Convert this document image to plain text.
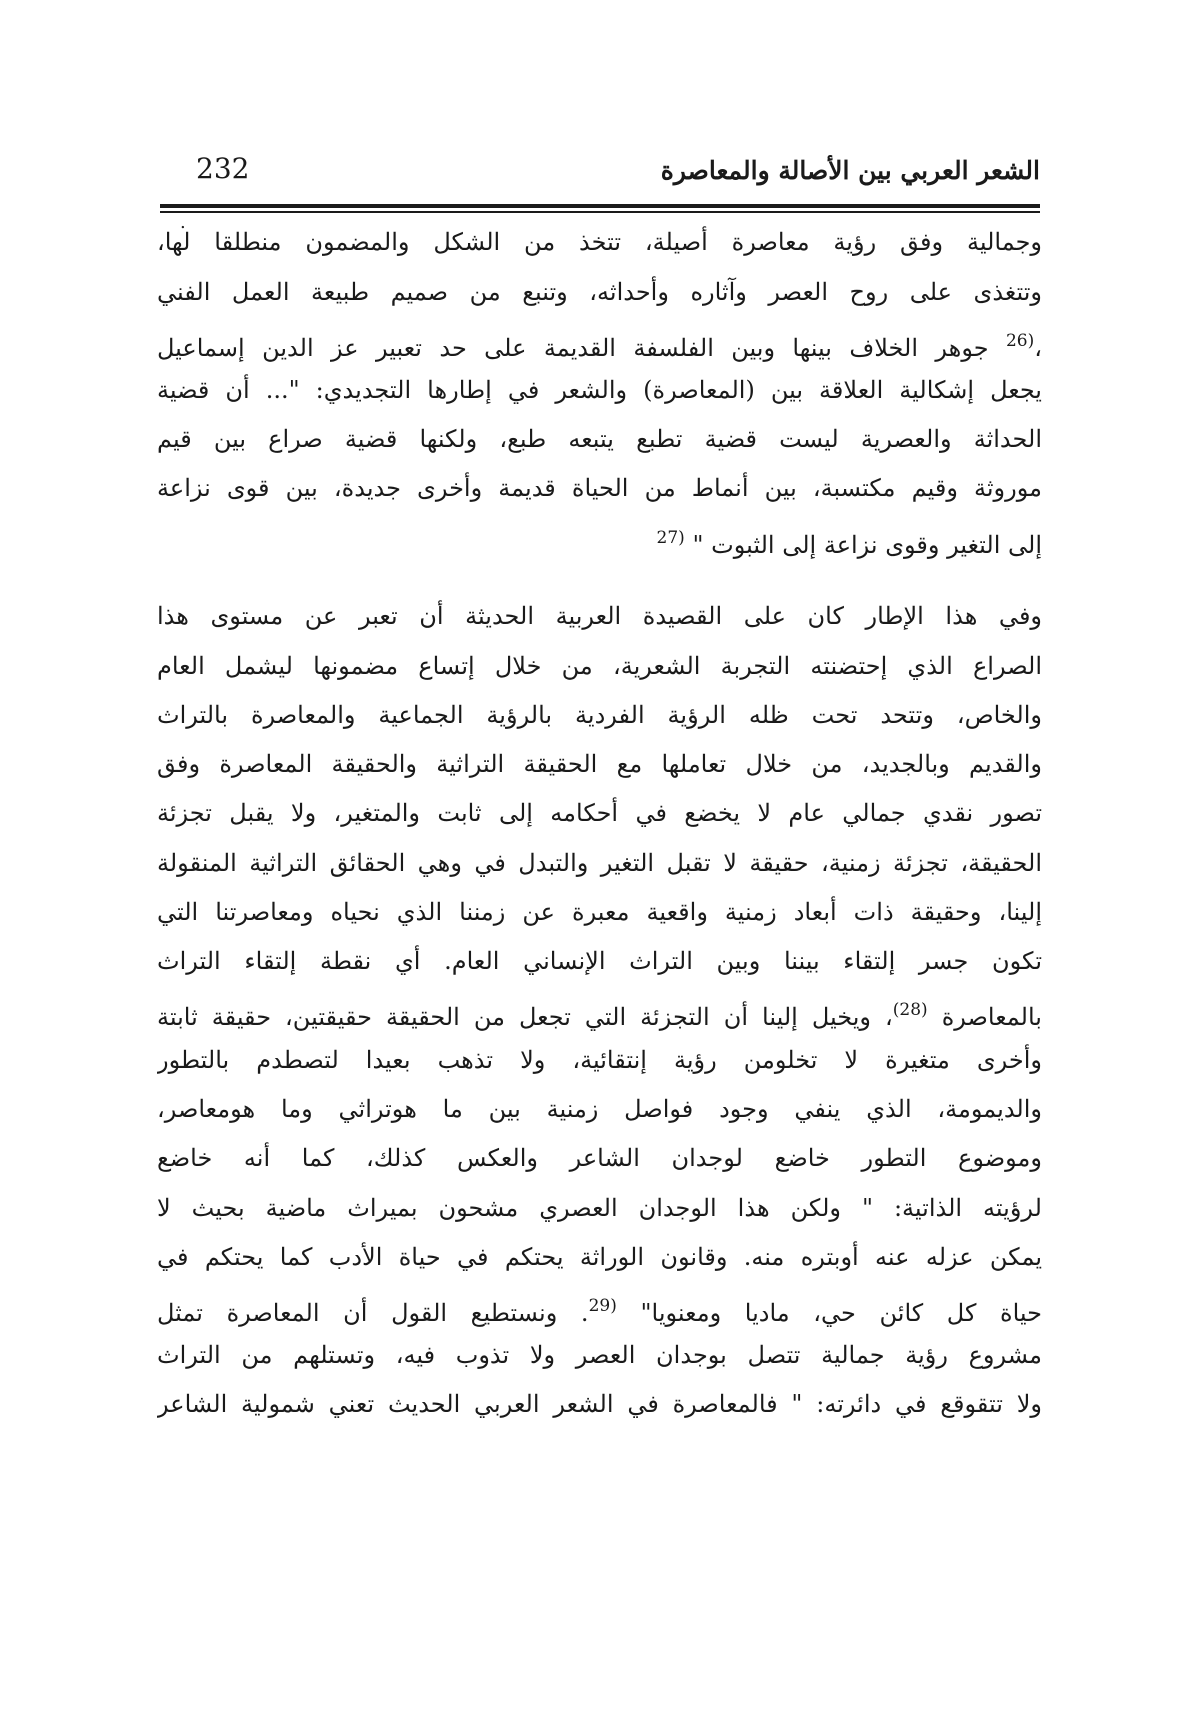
الشعر العربي بين الأصالة والمعاصرة
232
.
وجمالية وفق رؤية معاصرة أصيلة، تتخذ من الشكل والمضمون منطلقا لها،
وتتغذى على روح العصر وآثاره وأحداثه، وتنبع من صميم طبيعة العمل الفني
،$^{(26}$ جوهر الخلاف بينها وبين الفلسفة القديمة على حد تعبير عز الدين إسماعيل
يجعل إشكالية العلاقة بين (المعاصرة) والشعر في إطارها التجديدي: "... أن قضية
الحداثة والعصرية ليست قضية تطبع يتبعه طبع، ولكنها قضية صراع بين قيم
موروثة وقيم مكتسبة، بين أنماط من الحياة قديمة وأخرى جديدة، بين قوى نزاعة
إلى التغير وقوى نزاعة إلى الثبوت " $^{(27}$
وفي هذا الإطار كان على القصيدة العربية الحديثة أن تعبر عن مستوى هذا
الصراع الذي إحتضنته التجربة الشعرية، من خلال إتساع مضمونها ليشمل العام
والخاص، وتتحد تحت ظله الرؤية الفردية بالرؤية الجماعية والمعاصرة بالتراث
والقديم وبالجديد، من خلال تعاملها مع الحقيقة التراثية والحقيقة المعاصرة وفق
تصور نقدي جمالي عام لا يخضع في أحكامه إلى ثابت والمتغير، ولا يقبل تجزئة
الحقيقة، تجزئة زمنية، حقيقة لا تقبل التغير والتبدل في وهي الحقائق التراثية المنقولة
إلينا، وحقيقة ذات أبعاد زمنية واقعية معبرة عن زمننا الذي نحياه ومعاصرتنا التي
تكون جسر إلتقاء بيننا وبين التراث الإنساني العام. أي نقطة إلتقاء التراث
بالمعاصرة $^{(28)}$، ويخيل إلينا أن التجزئة التي تجعل من الحقيقة حقيقتين، حقيقة ثابتة
وأخرى متغيرة لا تخلومن رؤية إنتقائية، ولا تذهب بعيدا لتصطدم بالتطور
والديمومة، الذي ينفي وجود فواصل زمنية بين ما هوتراثي وما هومعاصر،
وموضوع التطور خاضع لوجدان الشاعر والعكس كذلك، كما أنه خاضع
لرؤيته الذاتية: " ولكن هذا الوجدان العصري مشحون بميراث ماضية بحيث لا
يمكن عزله عنه أوبتره منه. وقانون الوراثة يحتكم في حياة الأدب كما يحتكم في
حياة كل كائن حي، ماديا ومعنويا" $^{(29}$. ونستطيع القول أن المعاصرة تمثل
مشروع رؤية جمالية تتصل بوجدان العصر ولا تذوب فيه، وتستلهم من التراث
ولا تتقوقع في دائرته: " فالمعاصرة في الشعر العربي الحديث تعني شمولية الشاعر
